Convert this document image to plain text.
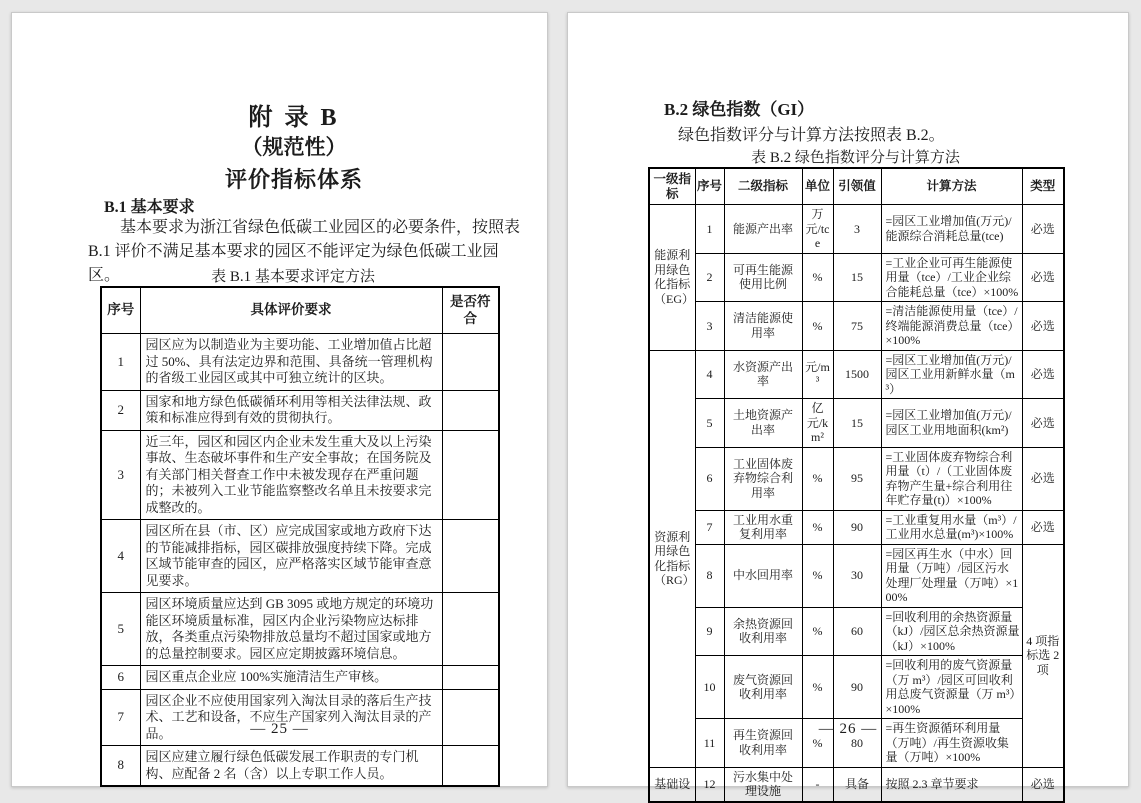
附 录 B
（规范性）
评价指标体系
B.1 基本要求
基本要求为浙江省绿色低碳工业园区的必要条件，按照表
B.1 评价不满足基本要求的园区不能评定为绿色低碳工业园区。	表 B.1 基本要求评定方法
序号	具体评价要求	是否符合
1	园区应为以制造业为主要功能、工业增加值占比超过 50%、具有法定边界和范围、具备统一管理机构的省级工业园区或其中可独立统计的区块。	
2	国家和地方绿色低碳循环利用等相关法律法规、政策和标准应得到有效的贯彻执行。	
3	近三年，园区和园区内企业未发生重大及以上污染事故、生态破坏事件和生产安全事故；在国务院及有关部门相关督查工作中未被发现存在严重问题的；未被列入工业节能监察整改名单且未按要求完成整改的。	
4	园区所在县（市、区）应完成国家或地方政府下达的节能减排指标，园区碳排放强度持续下降。完成区域节能审查的园区，应严格落实区域节能审查意见要求。	
5	园区环境质量应达到 GB 3095 或地方规定的环境功能区环境质量标准，园区内企业污染物应达标排放，各类重点污染物排放总量均不超过国家或地方的总量控制要求。园区应定期披露环境信息。	
6	园区重点企业应 100%实施清洁生产审核。	
7	园区企业不应使用国家列入淘汰目录的落后生产技术、工艺和设备，不应生产国家列入淘汰目录的产品。	
8	园区应建立履行绿色低碳发展工作职责的专门机构、应配备 2 名（含）以上专职工作人员。	
— 25 —
B.2 绿色指数（GI）
绿色指数评分与计算方法按照表 B.2。
表 B.2 绿色指数评分与计算方法
一级指标	序号	二级指标	单位	引领值	计算方法	类型
能源利用绿色化指标（EG）	1	能源产出率	万元/tce	3	=园区工业增加值(万元)/能源综合消耗总量(tce)	必选
	2	可再生能源使用比例	%	15	=工业企业可再生能源使用量（tce）/工业企业综合能耗总量（tce）×100%	必选
	3	清洁能源使用率	%	75	=清洁能源使用量（tce）/终端能源消费总量（tce）×100%	必选
资源利用绿色化指标（RG）	4	水资源产出率	元/m³	1500	=园区工业增加值(万元)/园区工业用新鲜水量（m³）	必选
	5	土地资源产出率	亿元/km²	15	=园区工业增加值(万元)/园区工业用地面积(km²)	必选
	6	工业固体废弃物综合利用率	%	95	=工业固体废弃物综合利用量（t）/（工业固体废弃物产生量+综合利用往年贮存量(t)）×100%	必选
	7	工业用水重复利用率	%	90	=工业重复用水量（m³）/工业用水总量(m³)×100%	必选
	8	中水回用率	%	30	=园区再生水（中水）回用量（万吨）/园区污水处理厂处理量（万吨）×100%	4 项指标选 2 项
	9	余热资源回收利用率	%	60	=回收利用的余热资源量（kJ）/园区总余热资源量（kJ）×100%	
	10	废气资源回收利用率	%	90	=回收利用的废气资源量（万 m³）/园区可回收利用总废气资源量（万 m³）×100%	
	11	再生资源回收利用率	%	80	=再生资源循环利用量（万吨）/再生资源收集量（万吨）×100%	
基础设	12	污水集中处理设施	-	具备	按照 2.3 章节要求	必选
— 26 —
